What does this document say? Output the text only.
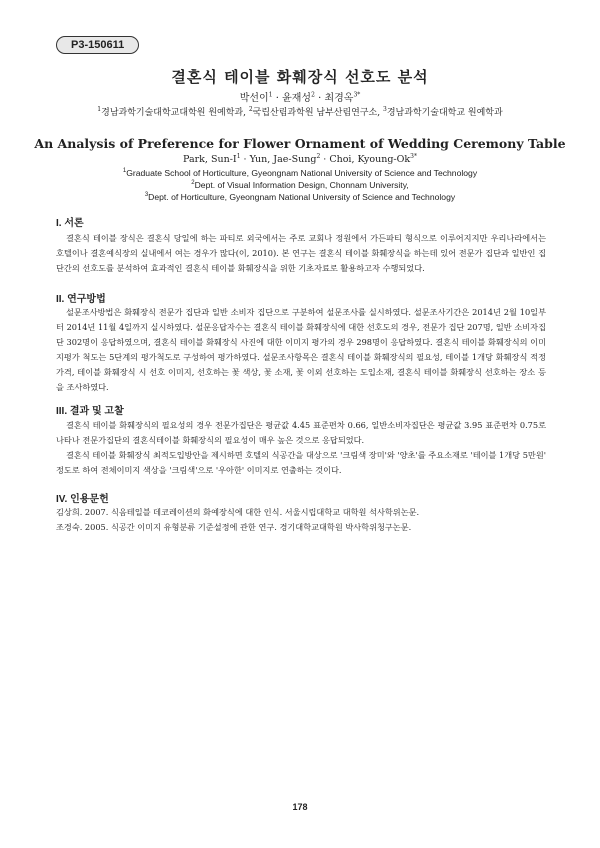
P3-150611
결혼식 테이블 화훼장식 선호도 분석
박선이$^1$ · 윤재성$^2$ · 최경옥$^{3*}$
$^1$경남과학기술대학교대학원 원예학과, $^2$국립산림과학원 남부산림연구소, $^3$경남과학기술대학교 원예학과
An Analysis of Preference for Flower Ornament of Wedding Ceremony Table
Park, Sun-$I^1$ · Yun, Jae-Sung$^2$ · Choi, Kyoung-$Ok^{3*}$
$^1$Graduate School of Horticulture, Gyeongnam National University of Science and Technology
$^2$Dept. of Visual Information Design, Chonnam University,
$^3$Dept. of Horticulture, Gyeongnam National University of Science and Technology
I. 서론

결혼식 테이블 장식은 결혼식 당일에 하는 파티로 외국에서는 주로 교회나 정원에서 가든파티 형식으로 이루어지지만 우리나라에서는 호텔이나 결혼예식장의 실내에서 여는 경우가 많다(이, 2010). 본 연구는 결혼식 테이블 화훼장식을 하는데 있어 전문가 집단과 일반인 집단간의 선호도를 분석하여 효과적인 결혼식 테이블 화훼장식을 위한 기초자료로 활용하고자 수행되었다.

II. 연구방법

설문조사방법은 화훼장식 전문가 집단과 일반 소비자 집단으로 구분하여 설문조사를 실시하였다. 설문조사기간은 2014년 2월 10일부터 2014년 11월 4일까지 실시하였다. 설문응답자수는 결혼식 테이블 화훼장식에 대한 선호도의 경우, 전문가 집단 207명, 일반 소비자집단 302명이 응답하였으며, 결혼식 테이블 화훼장식 사진에 대한 이미지 평가의 경우 298명이 응답하였다. 결혼식 테이블 화훼장식의 이미지평가 척도는 5단계의 평가척도로 구성하여 평가하였다. 설문조사항목은 결혼식 테이블 화훼장식의 필요성, 테이블 1개당 화훼장식 적정가격, 테이블 화훼장식 시 선호 이미지, 선호하는 꽃 색상, 꽃 소재, 꽃 이외 선호하는 도입소재, 결혼식 테이블 화훼장식 선호하는 장소 등을 조사하였다.

III. 결과 및 고찰

결혼식 테이블 화훼장식의 필요성의 경우 전문가집단은 평균값 4.45 표준편차 0.66, 일반소비자집단은 평균값 3.95 표준편차 0.75로 나타나 전문가집단의 결혼식테이블 화훼장식의 필요성이 매우 높은 것으로 응답되었다.

결혼식 테이블 화훼장식 최적도입방안을 제시하면 호텔의 식공간을 대상으로 '크림색 장미'와 '양초'를 주요소재로 '테이블 1개당 5만원' 정도로 하여 전체이미지 색상을 '크림색'으로 '우아한' 이미지로 연출하는 것이다.

IV. 인용문헌
김상희. 2007. 식음테일블 데코레이션의 화예장식에 대한 인식. 서울시립대학교 대학원 석사학위논문.
조경숙. 2005. 식공간 이미지 유형분류 기준설정에 관한 연구. 경기대학교대학원 박사학위청구논문.
178
